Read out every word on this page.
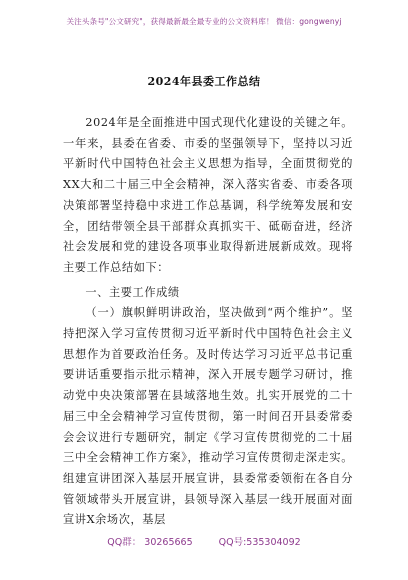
关注头条号"公文研究"，获得最新最全最专业的公文资料库！ 微信：gongwenyj
2024年县委工作总结

2024年是全面推进中国式现代化建设的关键之年。一年来，县委在省委、市委的坚强领导下，坚持以习近平新时代中国特色社会主义思想为指导，全面贯彻党的XX大和二十届三中全会精神，深入落实省委、市委各项决策部署坚持稳中求进工作总基调，科学统筹发展和安全，团结带领全县干部群众真抓实干、砥砺奋进，经济社会发展和党的建设各项事业取得新进展新成效。现将主要工作总结如下：

一、主要工作成绩

（一）旗帜鲜明讲政治，坚决做到“两个维护”。坚持把深入学习宣传贯彻习近平新时代中国特色社会主义思想作为首要政治任务。及时传达学习习近平总书记重要讲话重要指示批示精神，深入开展专题学习研讨，推动党中央决策部署在县域落地生效。扎实开展党的二十届三中全会精神学习宣传贯彻，第一时间召开县委常委会会议进行专题研究，制定《学习宣传贯彻党的二十届三中全会精神工作方案》，推动学习宣传贯彻走深走实。组建宣讲团深入基层开展宣讲，县委常委领衔在各自分管领域带头开展宣讲，县领导深入基层一线开展面对面宣讲X余场次，基层

QQ群： 30265665	QQ号:535304092
